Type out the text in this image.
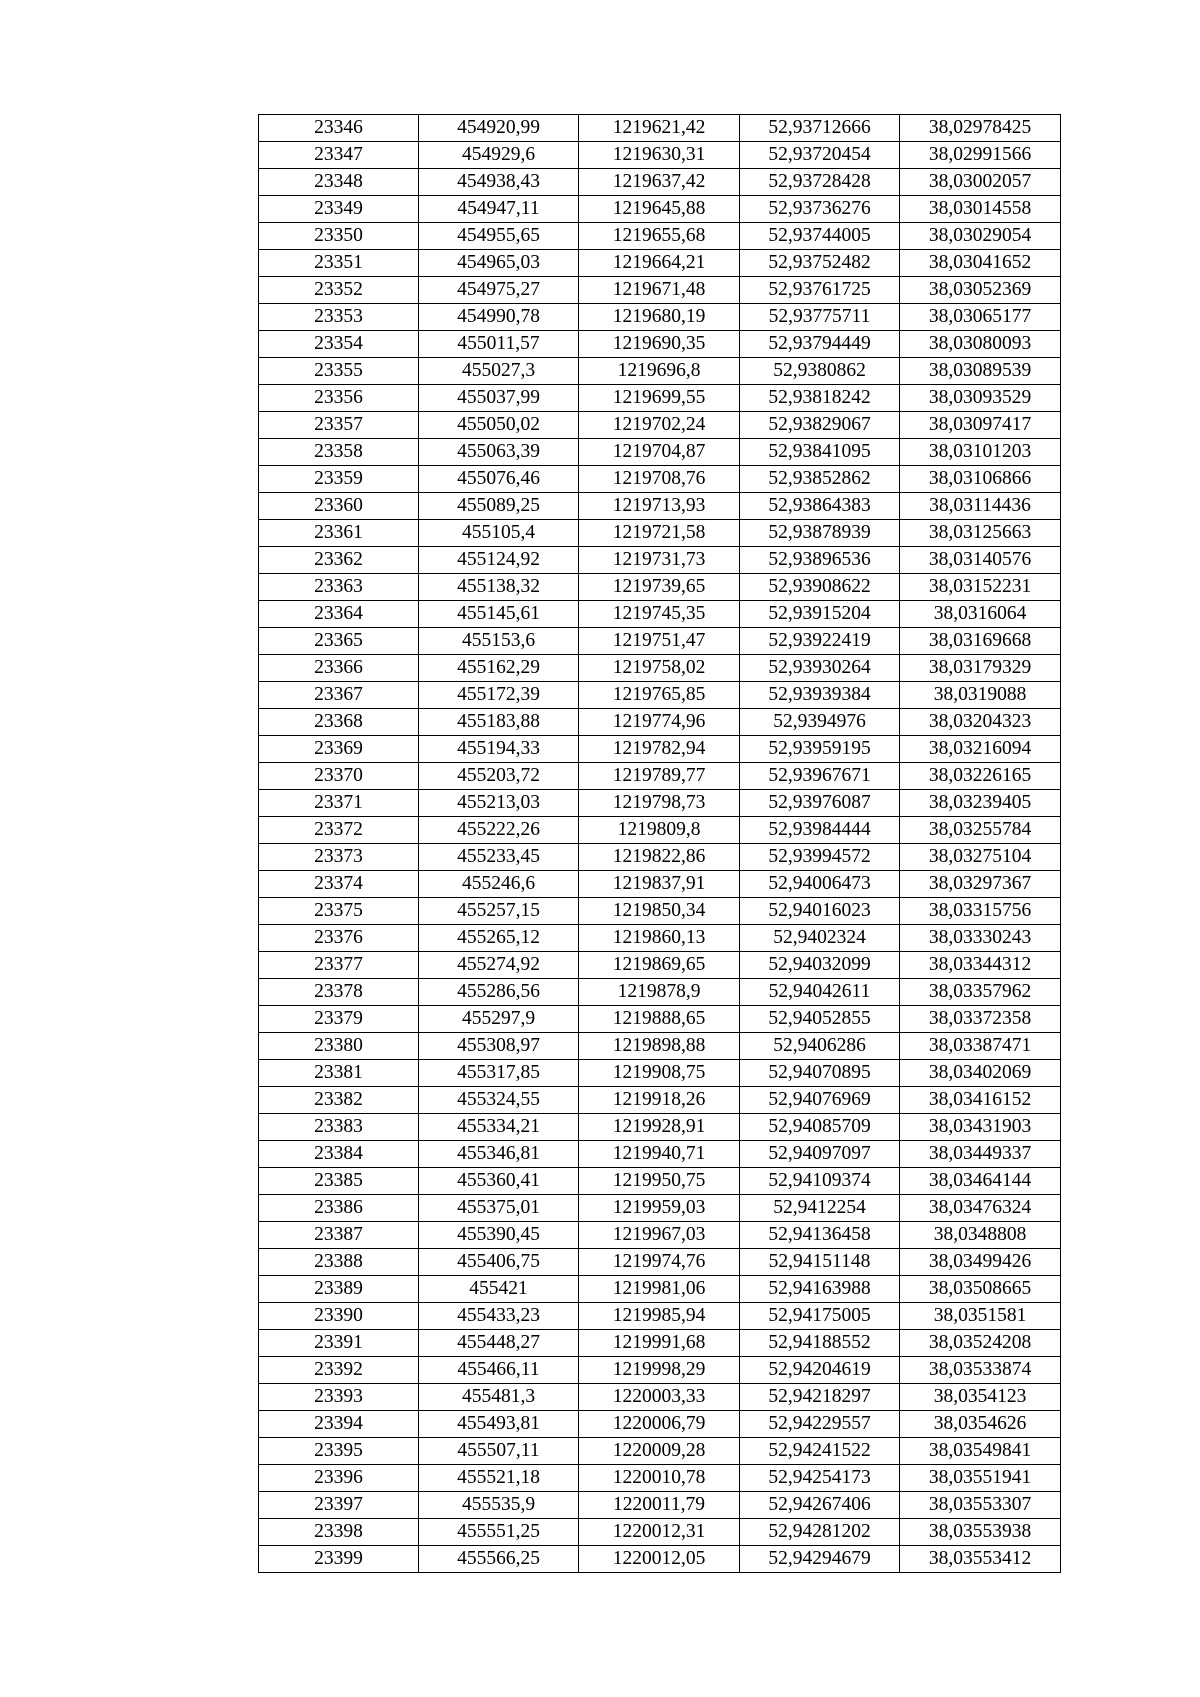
23346	454920,99	1219621,42	52,93712666	38,02978425
23347	454929,6	1219630,31	52,93720454	38,02991566
23348	454938,43	1219637,42	52,93728428	38,03002057
23349	454947,11	1219645,88	52,93736276	38,03014558
23350	454955,65	1219655,68	52,93744005	38,03029054
23351	454965,03	1219664,21	52,93752482	38,03041652
23352	454975,27	1219671,48	52,93761725	38,03052369
23353	454990,78	1219680,19	52,93775711	38,03065177
23354	455011,57	1219690,35	52,93794449	38,03080093
23355	455027,3	1219696,8	52,9380862	38,03089539
23356	455037,99	1219699,55	52,93818242	38,03093529
23357	455050,02	1219702,24	52,93829067	38,03097417
23358	455063,39	1219704,87	52,93841095	38,03101203
23359	455076,46	1219708,76	52,93852862	38,03106866
23360	455089,25	1219713,93	52,93864383	38,03114436
23361	455105,4	1219721,58	52,93878939	38,03125663
23362	455124,92	1219731,73	52,93896536	38,03140576
23363	455138,32	1219739,65	52,93908622	38,03152231
23364	455145,61	1219745,35	52,93915204	38,0316064
23365	455153,6	1219751,47	52,93922419	38,03169668
23366	455162,29	1219758,02	52,93930264	38,03179329
23367	455172,39	1219765,85	52,93939384	38,0319088
23368	455183,88	1219774,96	52,9394976	38,03204323
23369	455194,33	1219782,94	52,93959195	38,03216094
23370	455203,72	1219789,77	52,93967671	38,03226165
23371	455213,03	1219798,73	52,93976087	38,03239405
23372	455222,26	1219809,8	52,93984444	38,03255784
23373	455233,45	1219822,86	52,93994572	38,03275104
23374	455246,6	1219837,91	52,94006473	38,03297367
23375	455257,15	1219850,34	52,94016023	38,03315756
23376	455265,12	1219860,13	52,9402324	38,03330243
23377	455274,92	1219869,65	52,94032099	38,03344312
23378	455286,56	1219878,9	52,94042611	38,03357962
23379	455297,9	1219888,65	52,94052855	38,03372358
23380	455308,97	1219898,88	52,9406286	38,03387471
23381	455317,85	1219908,75	52,94070895	38,03402069
23382	455324,55	1219918,26	52,94076969	38,03416152
23383	455334,21	1219928,91	52,94085709	38,03431903
23384	455346,81	1219940,71	52,94097097	38,03449337
23385	455360,41	1219950,75	52,94109374	38,03464144
23386	455375,01	1219959,03	52,9412254	38,03476324
23387	455390,45	1219967,03	52,94136458	38,0348808
23388	455406,75	1219974,76	52,94151148	38,03499426
23389	455421	1219981,06	52,94163988	38,03508665
23390	455433,23	1219985,94	52,94175005	38,0351581
23391	455448,27	1219991,68	52,94188552	38,03524208
23392	455466,11	1219998,29	52,94204619	38,03533874
23393	455481,3	1220003,33	52,94218297	38,0354123
23394	455493,81	1220006,79	52,94229557	38,0354626
23395	455507,11	1220009,28	52,94241522	38,03549841
23396	455521,18	1220010,78	52,94254173	38,03551941
23397	455535,9	1220011,79	52,94267406	38,03553307
23398	455551,25	1220012,31	52,94281202	38,03553938
23399	455566,25	1220012,05	52,94294679	38,03553412
